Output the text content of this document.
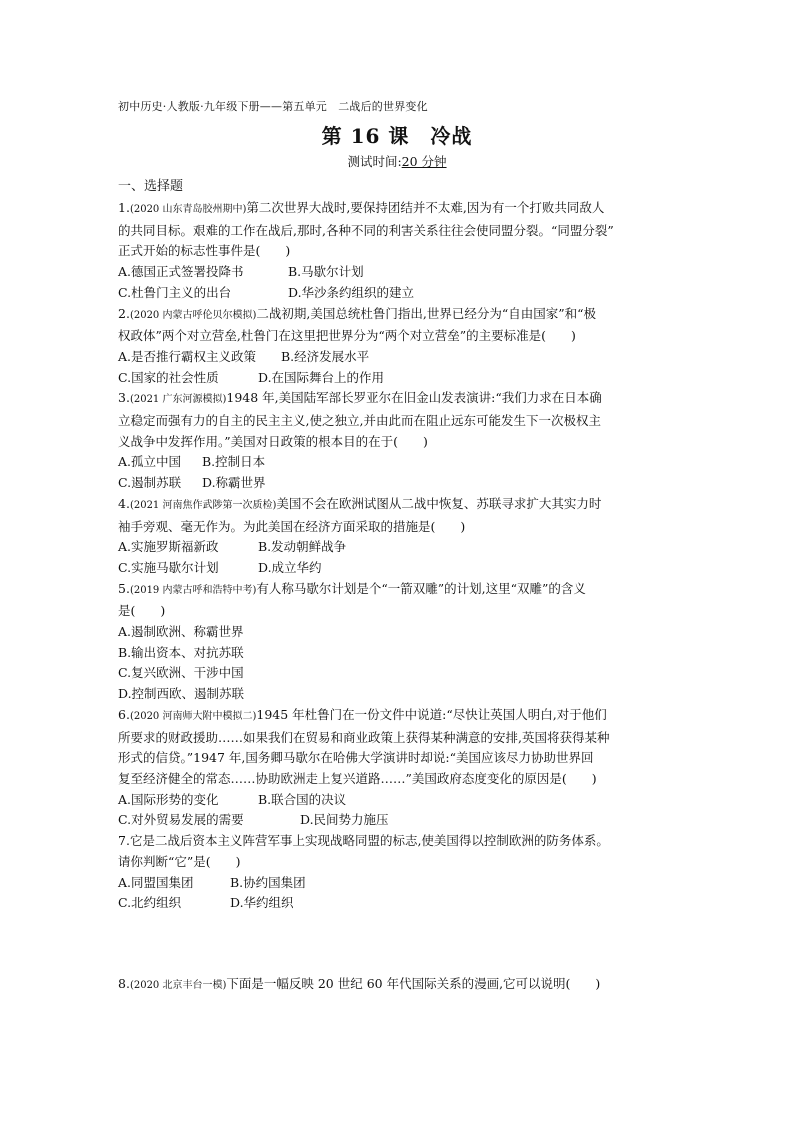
初中历史·人教版·九年级下册——第五单元　二战后的世界变化
第 16 课　冷战
测试时间:20 分钟
一、选择题
1.(2020 山东青岛胶州期中)第二次世界大战时,要保持团结并不太难,因为有一个打败共同敌人
的共同目标。艰难的工作在战后,那时,各种不同的利害关系往往会使同盟分裂。“同盟分裂”
正式开始的标志性事件是(　　)
A.德国正式签署投降书	B.马歇尔计划
C.杜鲁门主义的出台	D.华沙条约组织的建立
2.(2020 内蒙古呼伦贝尔模拟)二战初期,美国总统杜鲁门指出,世界已经分为“自由国家”和“极
权政体”两个对立营垒,杜鲁门在这里把世界分为“两个对立营垒”的主要标准是(　　)
A.是否推行霸权主义政策 B.经济发展水平
C.国家的社会性质	D.在国际舞台上的作用
3.(2021 广东河源模拟)1948 年,美国陆军部长罗亚尔在旧金山发表演讲:“我们力求在日本确
立稳定而强有力的自主的民主主义,使之独立,并由此而在阻止远东可能发生下一次极权主
义战争中发挥作用。”美国对日政策的根本目的在于(　　)
A.孤立中国 B.控制日本
C.遏制苏联 D.称霸世界
4.(2021 河南焦作武陟第一次质检)美国不会在欧洲试图从二战中恢复、苏联寻求扩大其实力时
袖手旁观、毫无作为。为此美国在经济方面采取的措施是(　　)
A.实施罗斯福新政	B.发动朝鲜战争
C.实施马歇尔计划	D.成立华约
5.(2019 内蒙古呼和浩特中考)有人称马歇尔计划是个“一箭双雕”的计划,这里“双雕”的含义
是(　　)
A.遏制欧洲、称霸世界
B.输出资本、对抗苏联
C.复兴欧洲、干涉中国
D.控制西欧、遏制苏联
6.(2020 河南师大附中模拟二)1945 年杜鲁门在一份文件中说道:“尽快让英国人明白,对于他们
所要求的财政援助……如果我们在贸易和商业政策上获得某种满意的安排,英国将获得某种
形式的信贷。”1947 年,国务卿马歇尔在哈佛大学演讲时却说:“美国应该尽力协助世界回
复至经济健全的常态……协助欧洲走上复兴道路……”美国政府态度变化的原因是(　　)
A.国际形势的变化	B.联合国的决议
C.对外贸易发展的需要	D.民间势力施压
7.它是二战后资本主义阵营军事上实现战略同盟的标志,使美国得以控制欧洲的防务体系。
请你判断“它”是(　　)
A.同盟国集团	B.协约国集团
C.北约组织	D.华约组织
8.(2020 北京丰台一模)下面是一幅反映 20 世纪 60 年代国际关系的漫画,它可以说明(　　)
